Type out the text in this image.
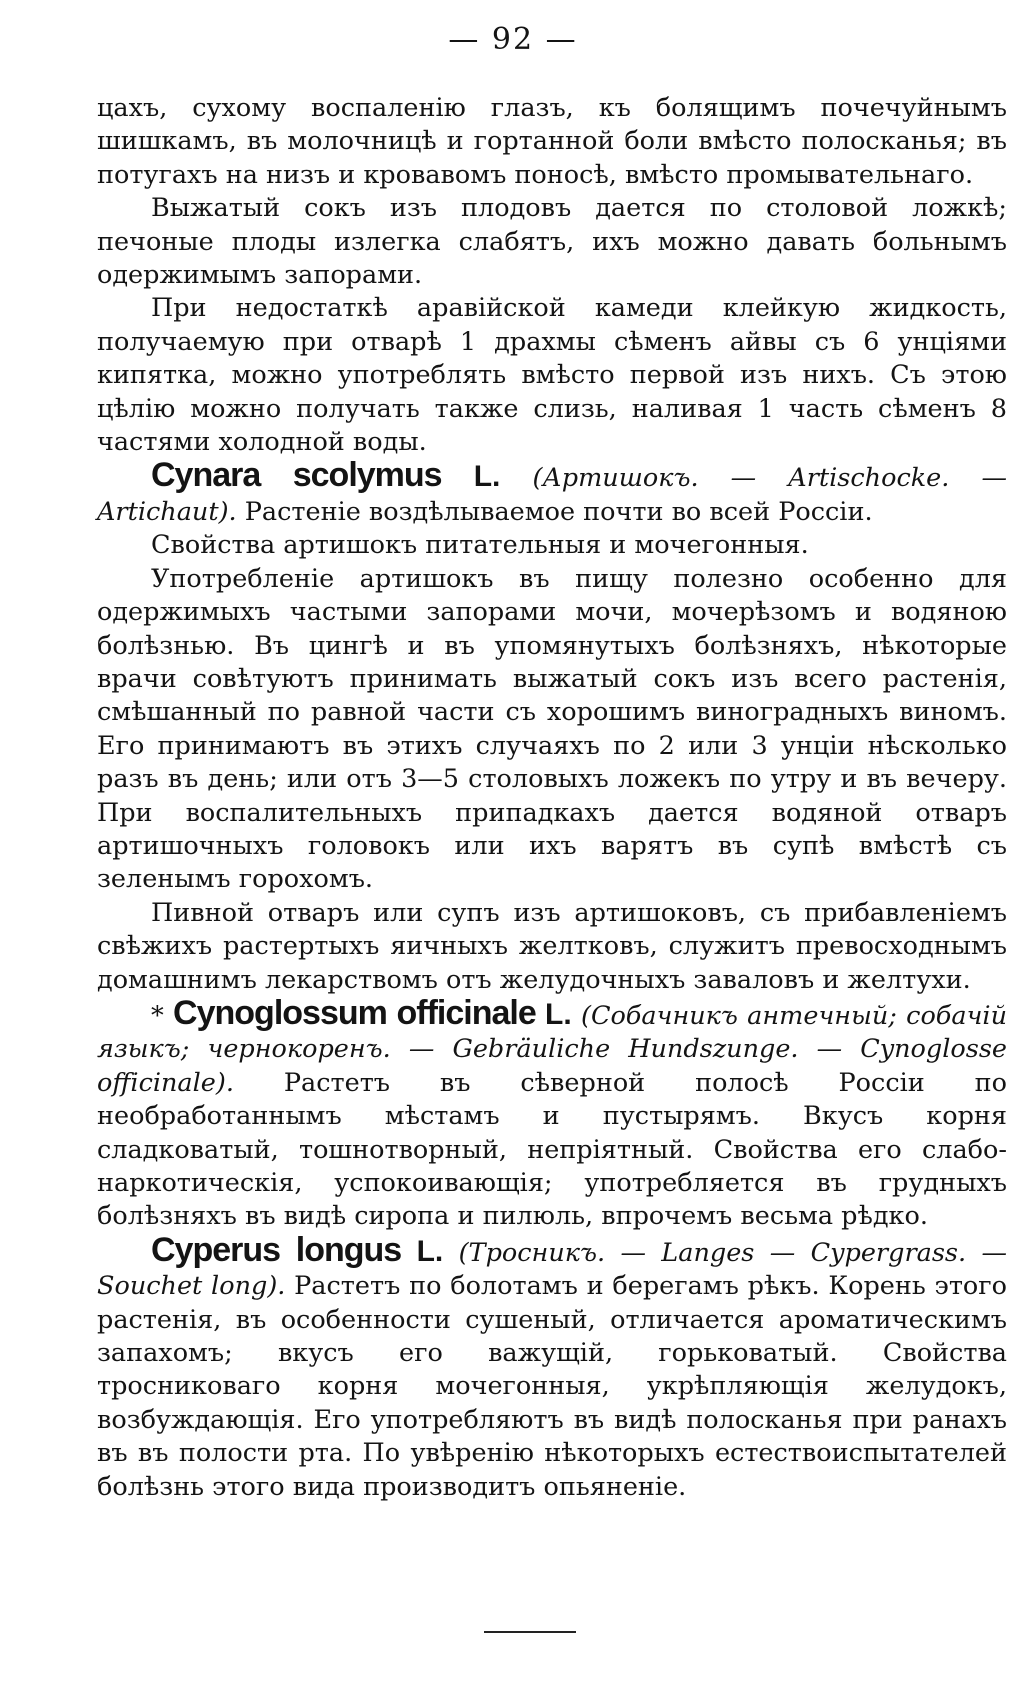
— 92 —

цахъ, сухому воспаленію глазъ, къ болящимъ почечуйнымъ шишкамъ, въ молочницѣ и гортанной боли вмѣсто полосканья; въ потугахъ на низъ и кровавомъ поносѣ, вмѣсто промывательнаго.

Выжатый сокъ изъ плодовъ дается по столовой ложкѣ; печоные плоды излегка слабятъ, ихъ можно давать больнымъ одержимымъ запорами.

При недостаткѣ аравійской камеди клейкую жидкость, получаемую при отварѣ 1 драхмы сѣменъ айвы съ 6 унціями кипятка, можно употреблять вмѣсто первой изъ нихъ. Съ этою цѣлію можно получать также слизь, наливая 1 часть сѣменъ 8 частями холодной воды.

Cynara scolymus L. (Артишокъ. — Artischocke. — Artichaut). Растеніе воздѣлываемое почти во всей Россіи.

Свойства артишокъ питательныя и мочегонныя.

Употребленіе артишокъ въ пищу полезно особенно для одержимыхъ частыми запорами мочи, мочерѣзомъ и водяною болѣзнью. Въ цингѣ и въ упомянутыхъ болѣзняхъ, нѣкоторые врачи совѣтуютъ принимать выжатый сокъ изъ всего растенія, смѣшанный по равной части съ хорошимъ виноградныхъ виномъ. Его принимаютъ въ этихъ случаяхъ по 2 или 3 унціи нѣсколько разъ въ день; или отъ 3—5 столовыхъ ложекъ по утру и въ вечеру. При воспалительныхъ припадкахъ дается водяной отваръ артишочныхъ головокъ или ихъ варятъ въ супѣ вмѣстѣ съ зеленымъ горохомъ.

Пивной отваръ или супъ изъ артишоковъ, съ прибавленіемъ свѣжихъ растертыхъ яичныхъ желтковъ, служитъ превосходнымъ домашнимъ лекарствомъ отъ желудочныхъ заваловъ и желтухи.

* Cynoglossum officinale L. (Собачникъ антечный; собачій языкъ; чернокоренъ. — Gebräuliche Hundszunge. — Cynoglosse officinale). Растетъ въ сѣверной полосѣ Россіи по необработаннымъ мѣстамъ и пустырямъ. Вкусъ корня сладковатый, тошнотворный, непріятный. Свойства его слабо-наркотическія, успокоивающія; употребляется въ грудныхъ болѣзняхъ въ видѣ сиропа и пилюль, впрочемъ весьма рѣдко.

Cyperus longus L. (Тросникъ. — Langes — Cypergrass. — Souchet long). Растетъ по болотамъ и берегамъ рѣкъ. Корень этого растенія, въ особенности сушеный, отличается ароматическимъ запахомъ; вкусъ его важущій, горьковатый. Свойства тросниковаго корня мочегонныя, укрѣпляющія желудокъ, возбуждающія. Его употребляютъ въ видѣ полосканья при ранахъ въ въ полости рта. По увѣренію нѣкоторыхъ естествоиспытателей болѣзнь этого вида производитъ опьяненіе.
